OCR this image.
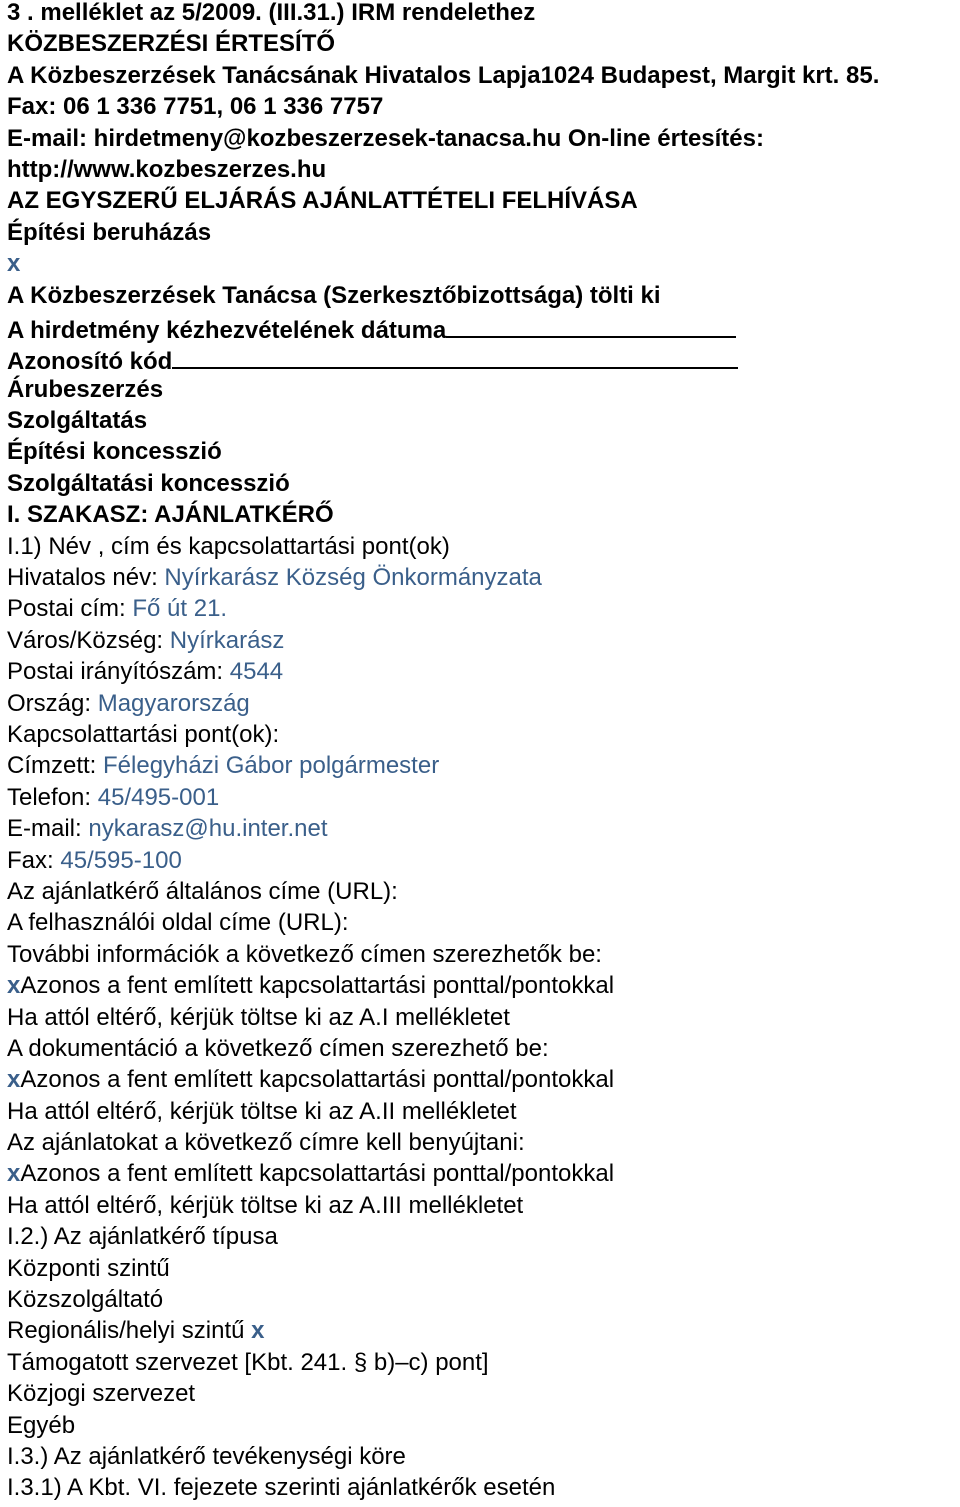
3 . melléklet az 5/2009. (III.31.) IRM rendelethez
KÖZBESZERZÉSI ÉRTESÍTŐ
A Közbeszerzések Tanácsának Hivatalos Lapja1024 Budapest, Margit krt. 85.
Fax: 06 1 336 7751, 06 1 336 7757
E-mail: hirdetmeny@kozbeszerzesek-tanacsa.hu On-line értesítés:
http://www.kozbeszerzes.hu
AZ EGYSZERŰ ELJÁRÁS AJÁNLATTÉTELI FELHÍVÁSA
Építési beruházás
x
A Közbeszerzések Tanácsa (Szerkesztőbizottsága) tölti ki
A hirdetmény kézhezvételének dátuma
Azonosító kód
Árubeszerzés
Szolgáltatás
Építési koncesszió
Szolgáltatási koncesszió
I. SZAKASZ: AJÁNLATKÉRŐ
I.1) Név , cím és kapcsolattartási pont(ok)
Hivatalos név: Nyírkarász Község Önkormányzata
Postai cím: Fő út 21.
Város/Község: Nyírkarász
Postai irányítószám: 4544
Ország: Magyarország
Kapcsolattartási pont(ok):
Címzett: Félegyházi Gábor polgármester
Telefon: 45/495-001
E-mail: nykarasz@hu.inter.net
Fax: 45/595-100
Az ajánlatkérő általános címe (URL):
A felhasználói oldal címe (URL):
További információk a következő címen szerezhetők be:
xAzonos a fent említett kapcsolattartási ponttal/pontokkal
Ha attól eltérő, kérjük töltse ki az A.I mellékletet
A dokumentáció a következő címen szerezhető be:
xAzonos a fent említett kapcsolattartási ponttal/pontokkal
Ha attól eltérő, kérjük töltse ki az A.II mellékletet
Az ajánlatokat a következő címre kell benyújtani:
xAzonos a fent említett kapcsolattartási ponttal/pontokkal
Ha attól eltérő, kérjük töltse ki az A.III mellékletet
I.2.) Az ajánlatkérő típusa
Központi szintű
Közszolgáltató
Regionális/helyi szintű x
Támogatott szervezet [Kbt. 241. § b)–c) pont]
Közjogi szervezet
Egyéb
I.3.) Az ajánlatkérő tevékenységi köre
I.3.1) A Kbt. VI. fejezete szerinti ajánlatkérők esetén
